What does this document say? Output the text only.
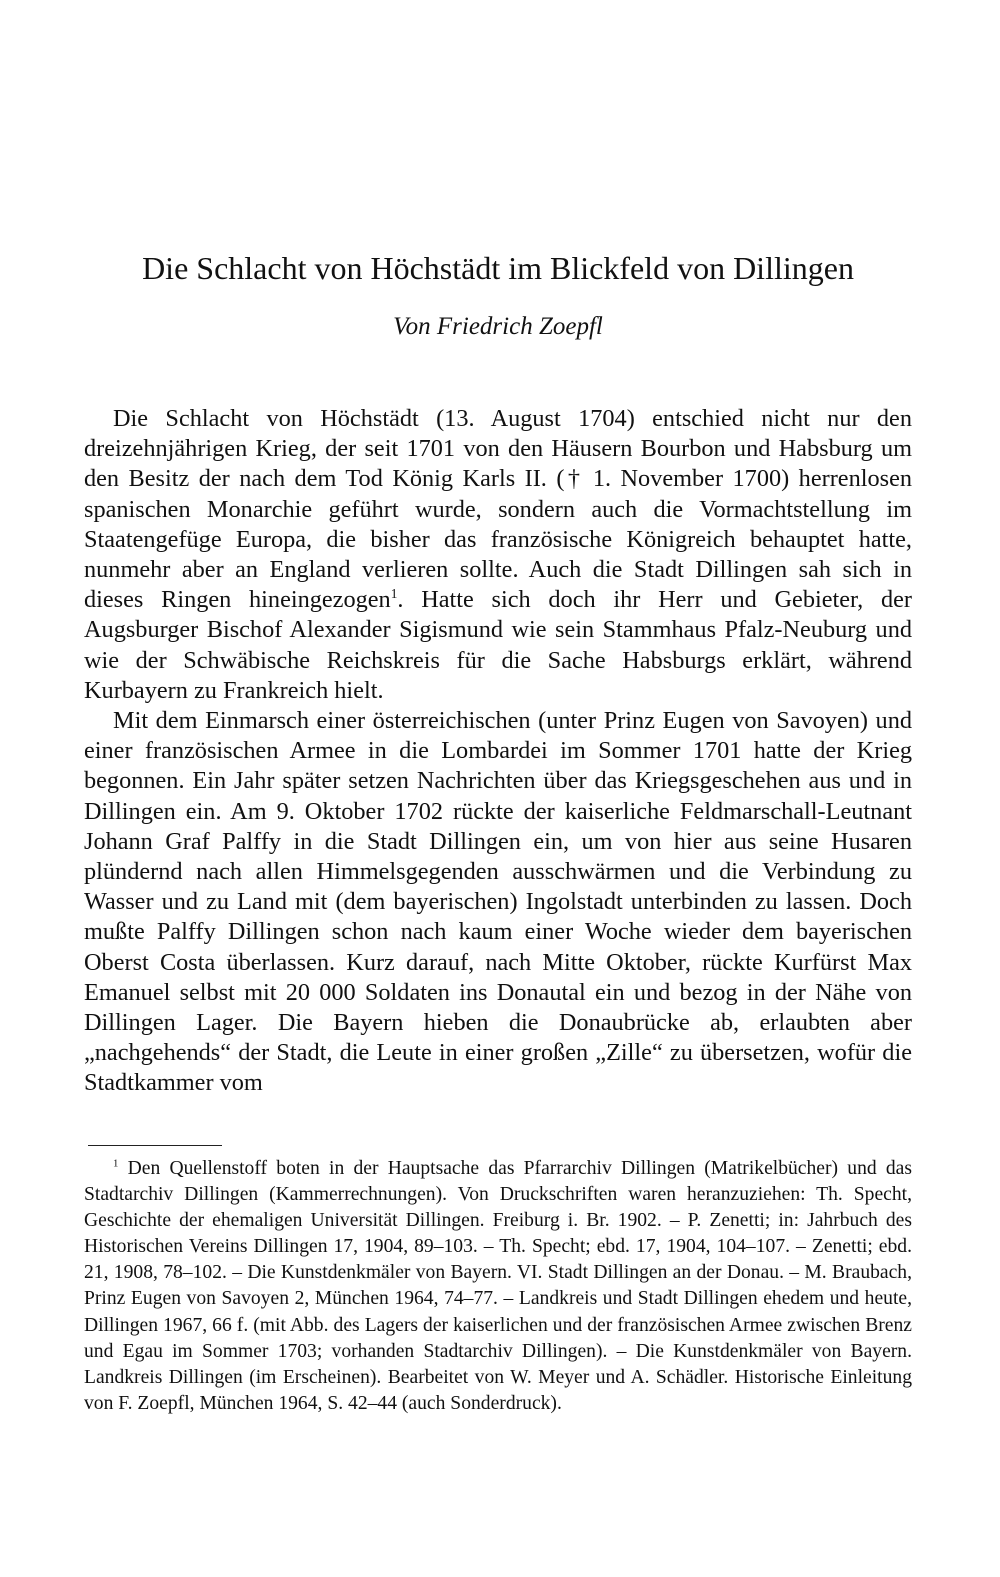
Die Schlacht von Höchstädt im Blickfeld von Dillingen
Von Friedrich Zoepfl

Die Schlacht von Höchstädt (13. August 1704) entschied nicht nur den dreizehnjährigen Krieg, der seit 1701 von den Häusern Bourbon und Habsburg um den Besitz der nach dem Tod König Karls II. († 1. November 1700) herrenlosen spanischen Monarchie geführt wurde, sondern auch die Vormachtstellung im Staatengefüge Europa, die bisher das französische Königreich behauptet hatte, nunmehr aber an England verlieren sollte. Auch die Stadt Dillingen sah sich in dieses Ringen hineingezogen$^1$. Hatte sich doch ihr Herr und Gebieter, der Augsburger Bischof Alexander Sigismund wie sein Stammhaus Pfalz-Neuburg und wie der Schwäbische Reichskreis für die Sache Habsburgs erklärt, während Kurbayern zu Frankreich hielt.

Mit dem Einmarsch einer österreichischen (unter Prinz Eugen von Savoyen) und einer französischen Armee in die Lombardei im Sommer 1701 hatte der Krieg begonnen. Ein Jahr später setzen Nachrichten über das Kriegsgeschehen aus und in Dillingen ein. Am 9. Oktober 1702 rückte der kaiserliche Feldmarschall-Leutnant Johann Graf Palffy in die Stadt Dillingen ein, um von hier aus seine Husaren plündernd nach allen Himmelsgegenden ausschwärmen und die Verbindung zu Wasser und zu Land mit (dem bayerischen) Ingolstadt unterbinden zu lassen. Doch mußte Palffy Dillingen schon nach kaum einer Woche wieder dem bayerischen Oberst Costa überlassen. Kurz darauf, nach Mitte Oktober, rückte Kurfürst Max Emanuel selbst mit 20 000 Soldaten ins Donautal ein und bezog in der Nähe von Dillingen Lager. Die Bayern hieben die Donaubrücke ab, erlaubten aber „nachgehends“ der Stadt, die Leute in einer großen „Zille“ zu übersetzen, wofür die Stadtkammer vom

$^1$ Den Quellenstoff boten in der Hauptsache das Pfarrarchiv Dillingen (Matrikelbücher) und das Stadtarchiv Dillingen (Kammerrechnungen). Von Druckschriften waren heranzuziehen: Th. Specht, Geschichte der ehemaligen Universität Dillingen. Freiburg i. Br. 1902. – P. Zenetti; in: Jahrbuch des Historischen Vereins Dillingen 17, 1904, 89–103. – Th. Specht; ebd. 17, 1904, 104–107. – Zenetti; ebd. 21, 1908, 78–102. – Die Kunstdenkmäler von Bayern. VI. Stadt Dillingen an der Donau. – M. Braubach, Prinz Eugen von Savoyen 2, München 1964, 74–77. – Landkreis und Stadt Dillingen ehedem und heute, Dillingen 1967, 66 f. (mit Abb. des Lagers der kaiserlichen und der französischen Armee zwischen Brenz und Egau im Sommer 1703; vorhanden Stadtarchiv Dillingen). – Die Kunstdenkmäler von Bayern. Landkreis Dillingen (im Erscheinen). Bearbeitet von W. Meyer und A. Schädler. Historische Einleitung von F. Zoepfl, München 1964, S. 42–44 (auch Sonderdruck).
